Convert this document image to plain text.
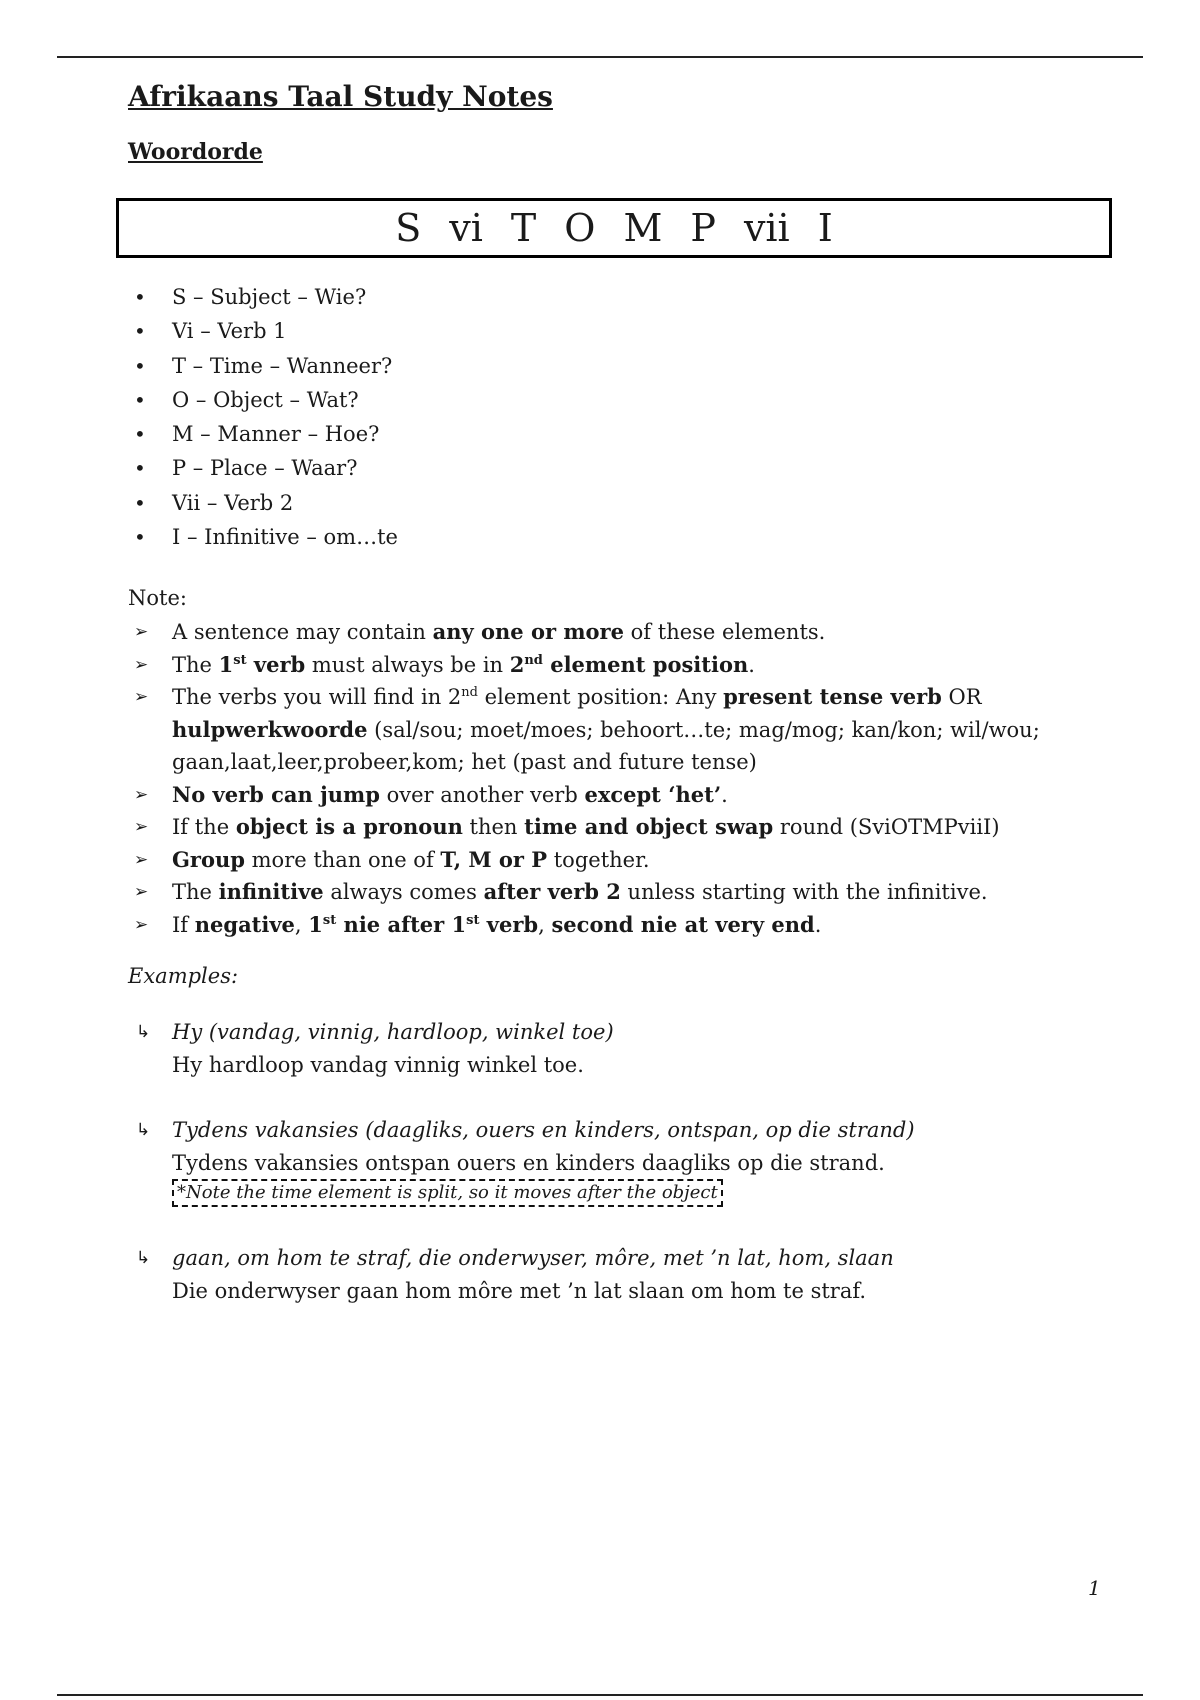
Afrikaans Taal Study Notes
Woordorde
S vi T O M P vii I
• S – Subject – Wie?
• Vi – Verb 1
• T – Time – Wanneer?
• O – Object – Wat?
• M – Manner – Hoe?
• P – Place – Waar?
• Vii – Verb 2
• I – Infinitive – om…te
Note:
➢ A sentence may contain any one or more of these elements.
➢ The 1st verb must always be in 2nd element position.
➢ The verbs you will find in 2nd element position: Any present tense verb OR hulpwerkwoorde (sal/sou; moet/moes; behoort…te; mag/mog; kan/kon; wil/wou; gaan,laat,leer,probeer,kom; het (past and future tense)
➢ No verb can jump over another verb except ‘het’.
➢ If the object is a pronoun then time and object swap round (SviOTMPviiI)
➢ Group more than one of T, M or P together.
➢ The infinitive always comes after verb 2 unless starting with the infinitive.
➢ If negative, 1st nie after 1st verb, second nie at very end.
Examples:
↳ Hy (vandag, vinnig, hardloop, winkel toe)
Hy hardloop vandag vinnig winkel toe.
↳ Tydens vakansies (daagliks, ouers en kinders, ontspan, op die strand)
Tydens vakansies ontspan ouers en kinders daagliks op die strand.
*Note the time element is split, so it moves after the object
↳ gaan, om hom te straf, die onderwyser, môre, met ’n lat, hom, slaan
Die onderwyser gaan hom môre met ’n lat slaan om hom te straf.
1
